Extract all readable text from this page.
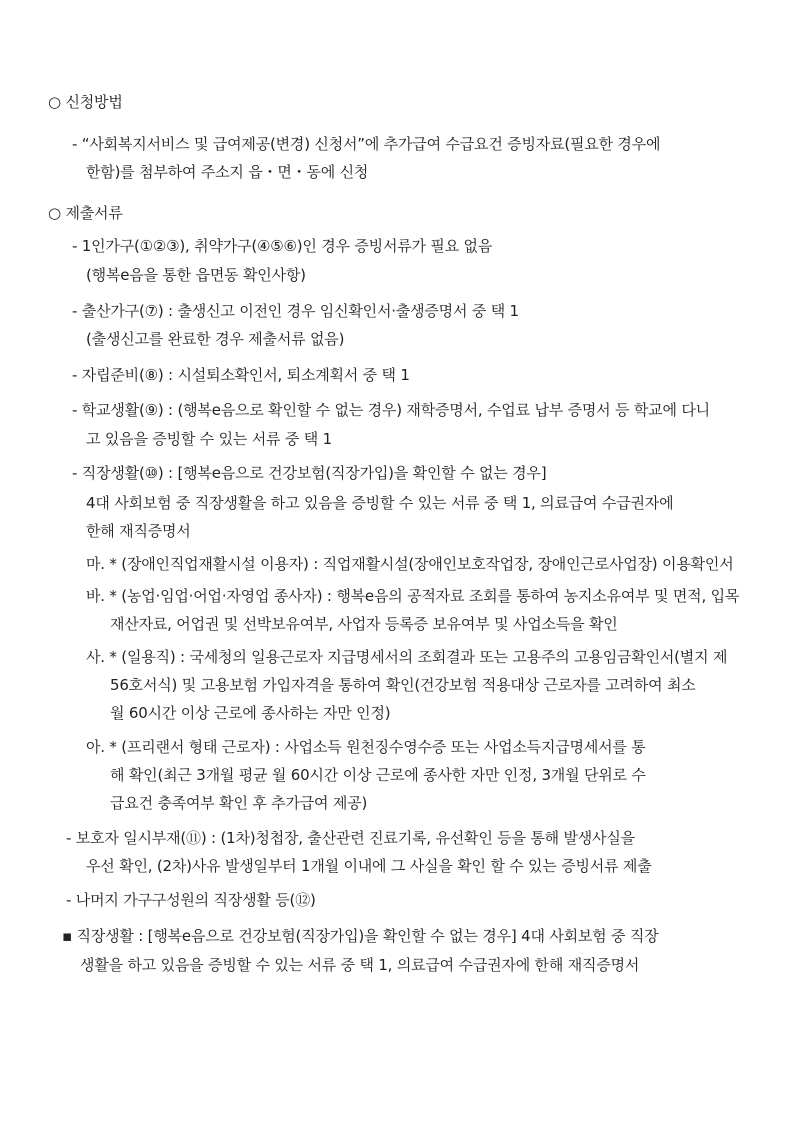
○ 신청방법
- “사회복지서비스 및 급여제공(변경) 신청서”에 추가급여 수급요건 증빙자료(필요한 경우에
한함)를 첨부하여 주소지 읍・면・동에 신청
○ 제출서류
- 1인가구(①②③), 취약가구(④⑤⑥)인 경우 증빙서류가 필요 없음
(행복e음을 통한 읍면동 확인사항)
- 출산가구(⑦) : 출생신고 이전인 경우 임신확인서·출생증명서 중 택 1
(출생신고를 완료한 경우 제출서류 없음)
- 자립준비(⑧) : 시설퇴소확인서, 퇴소계획서 중 택 1
- 학교생활(⑨) : (행복e음으로 확인할 수 없는 경우) 재학증명서, 수업료 납부 증명서 등 학교에 다니
고 있음을 증빙할 수 있는 서류 중 택 1
- 직장생활(⑩) : [행복e음으로 건강보험(직장가입)을 확인할 수 없는 경우]
4대 사회보험 중 직장생활을 하고 있음을 증빙할 수 있는 서류 중 택 1, 의료급여 수급권자에
한해 재직증명서
마. * (장애인직업재활시설 이용자) : 직업재활시설(장애인보호작업장, 장애인근로사업장) 이용확인서
바. * (농업·임업·어업·자영업 종사자) : 행복e음의 공적자료 조회를 통하여 농지소유여부 및 면적, 입목
재산자료, 어업권 및 선박보유여부, 사업자 등록증 보유여부 및 사업소득을 확인
사. * (일용직) : 국세청의 일용근로자 지급명세서의 조회결과 또는 고용주의 고용임금확인서(별지 제
56호서식) 및 고용보험 가입자격을 통하여 확인(건강보험 적용대상 근로자를 고려하여 최소
월 60시간 이상 근로에 종사하는 자만 인정)
아. * (프리랜서 형태 근로자) : 사업소득 원천징수영수증 또는 사업소득지급명세서를 통
해 확인(최근 3개월 평균 월 60시간 이상 근로에 종사한 자만 인정, 3개월 단위로 수
급요건 충족여부 확인 후 추가급여 제공)
- 보호자 일시부재(⑪) : (1차)청첩장, 출산관련 진료기록, 유선확인 등을 통해 발생사실을
우선 확인, (2차)사유 발생일부터 1개월 이내에 그 사실을 확인 할 수 있는 증빙서류 제출
- 나머지 가구구성원의 직장생활 등(⑫)
▪ 직장생활 : [행복e음으로 건강보험(직장가입)을 확인할 수 없는 경우] 4대 사회보험 중 직장
생활을 하고 있음을 증빙할 수 있는 서류 중 택 1, 의료급여 수급권자에 한해 재직증명서
